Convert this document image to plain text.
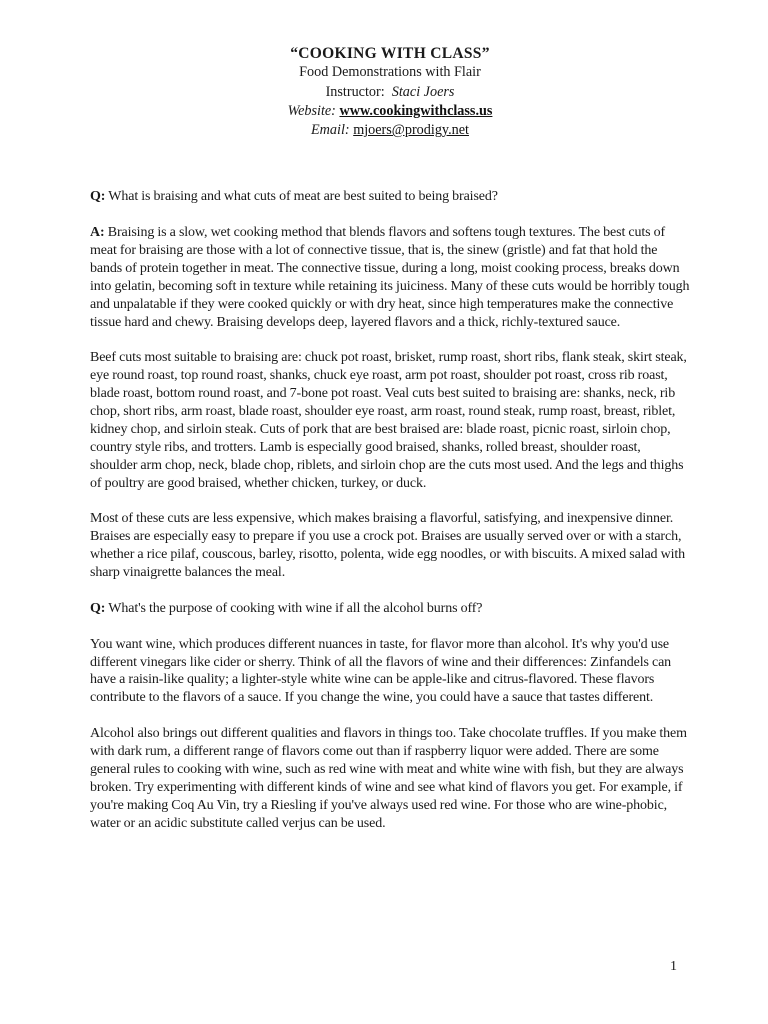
“COOKING WITH CLASS”
Food Demonstrations with Flair
Instructor: Staci Joers
Website: www.cookingwithclass.us
Email: mjoers@prodigy.net

Q: What is braising and what cuts of meat are best suited to being braised?

A: Braising is a slow, wet cooking method that blends flavors and softens tough textures. The best cuts of meat for braising are those with a lot of connective tissue, that is, the sinew (gristle) and fat that hold the bands of protein together in meat. The connective tissue, during a long, moist cooking process, breaks down into gelatin, becoming soft in texture while retaining its juiciness. Many of these cuts would be horribly tough and unpalatable if they were cooked quickly or with dry heat, since high temperatures make the connective tissue hard and chewy. Braising develops deep, layered flavors and a thick, richly-textured sauce.

Beef cuts most suitable to braising are: chuck pot roast, brisket, rump roast, short ribs, flank steak, skirt steak, eye round roast, top round roast, shanks, chuck eye roast, arm pot roast, shoulder pot roast, cross rib roast, blade roast, bottom round roast, and 7-bone pot roast. Veal cuts best suited to braising are: shanks, neck, rib chop, short ribs, arm roast, blade roast, shoulder eye roast, arm roast, round steak, rump roast, breast, riblet, kidney chop, and sirloin steak. Cuts of pork that are best braised are: blade roast, picnic roast, sirloin chop, country style ribs, and trotters. Lamb is especially good braised, shanks, rolled breast, shoulder roast, shoulder arm chop, neck, blade chop, riblets, and sirloin chop are the cuts most used. And the legs and thighs of poultry are good braised, whether chicken, turkey, or duck.

Most of these cuts are less expensive, which makes braising a flavorful, satisfying, and inexpensive dinner. Braises are especially easy to prepare if you use a crock pot. Braises are usually served over or with a starch, whether a rice pilaf, couscous, barley, risotto, polenta, wide egg noodles, or with biscuits. A mixed salad with sharp vinaigrette balances the meal.

Q: What's the purpose of cooking with wine if all the alcohol burns off?

You want wine, which produces different nuances in taste, for flavor more than alcohol. It's why you'd use different vinegars like cider or sherry. Think of all the flavors of wine and their differences: Zinfandels can have a raisin-like quality; a lighter-style white wine can be apple-like and citrus-flavored. These flavors contribute to the flavors of a sauce. If you change the wine, you could have a sauce that tastes different.

Alcohol also brings out different qualities and flavors in things too. Take chocolate truffles. If you make them with dark rum, a different range of flavors come out than if raspberry liquor were added. There are some general rules to cooking with wine, such as red wine with meat and white wine with fish, but they are always broken. Try experimenting with different kinds of wine and see what kind of flavors you get. For example, if you're making Coq Au Vin, try a Riesling if you've always used red wine. For those who are wine-phobic, water or an acidic substitute called verjus can be used.

1
